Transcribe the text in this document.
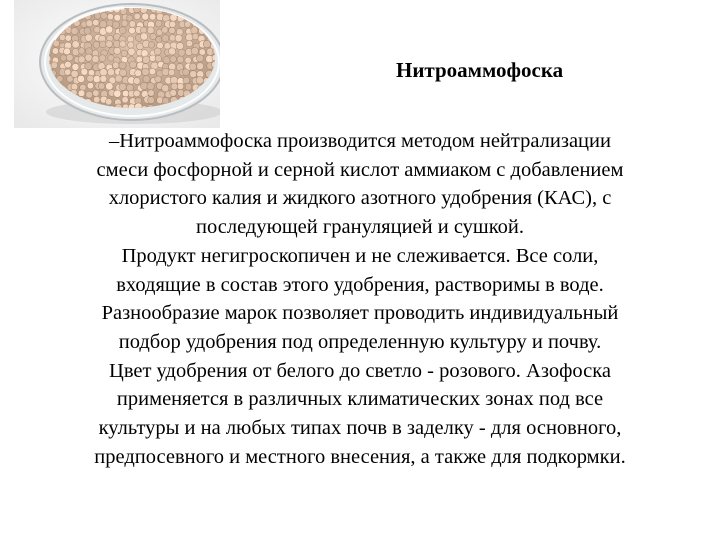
Нитроаммофоска
–Нитроаммофоска производится методом нейтрализации
смеси фосфорной и серной кислот аммиаком с добавлением
хлористого калия и жидкого азотного удобрения (КАС), с
последующей грануляцией и сушкой.
Продукт негигроскопичен и не слеживается. Все соли,
входящие в состав этого удобрения, растворимы в воде.
Разнообразие марок позволяет проводить индивидуальный
подбор удобрения под определенную культуру и почву.
Цвет удобрения от белого до светло - розового. Азофоска
применяется в различных климатических зонах под все
культуры и на любых типах почв в заделку - для основного,
предпосевного и местного внесения, а также для подкормки.
